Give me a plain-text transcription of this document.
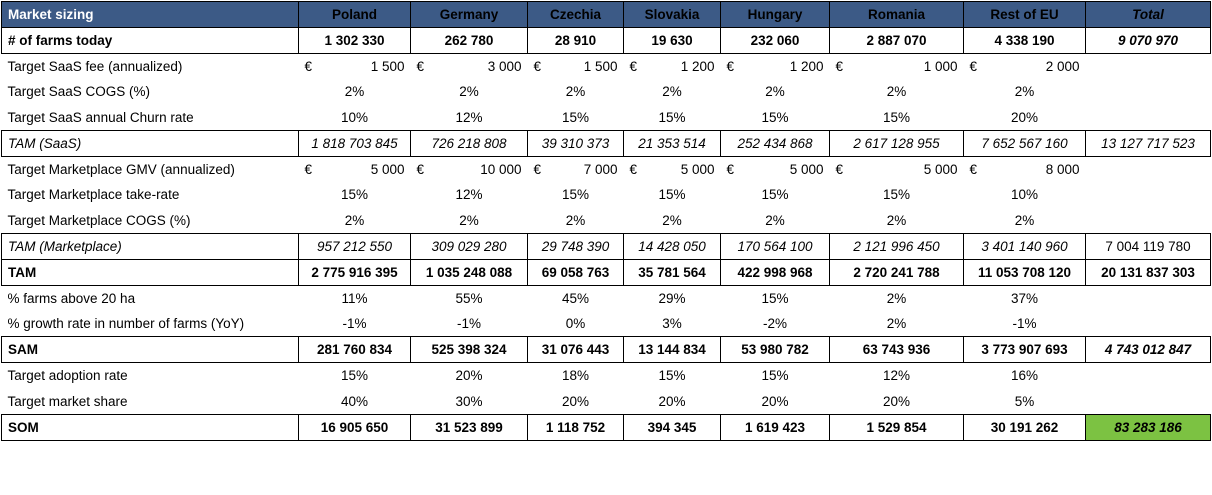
Market sizing	Poland	Germany	Czechia	Slovakia	Hungary	Romania	Rest of EU	Total
# of farms today	1 302 330	262 780	28 910	19 630	232 060	2 887 070	4 338 190	9 070 970
Target SaaS fee (annualized)	€ 1 500	€ 3 000	€ 1 500	€ 1 200	€ 1 200	€ 1 000	€ 2 000	

Target SaaS COGS (%)	2%	2%	2%	2%	2%	2%	2%	
Target SaaS annual Churn rate	10%	12%	15%	15%	15%	15%	20%	
TAM (SaaS)	1 818 703 845	726 218 808	39 310 373	21 353 514	252 434 868	2 617 128 955	7 652 567 160	13 127 717 523
Target Marketplace GMV (annualized)	€ 5 000	€ 10 000	€ 7 000	€ 5 000	€ 5 000	€ 5 000	€ 8 000	

Target Marketplace take-rate	15%	12%	15%	15%	15%	15%	10%	
Target Marketplace COGS (%)	2%	2%	2%	2%	2%	2%	2%	
TAM (Marketplace)	957 212 550	309 029 280	29 748 390	14 428 050	170 564 100	2 121 996 450	3 401 140 960	7 004 119 780
TAM	2 775 916 395	1 035 248 088	69 058 763	35 781 564	422 998 968	2 720 241 788	11 053 708 120	20 131 837 303
% farms above 20 ha	11%	55%	45%	29%	15%	2%	37%	
% growth rate in number of farms (YoY)	-1%	-1%	0%	3%	-2%	2%	-1%	
SAM	281 760 834	525 398 324	31 076 443	13 144 834	53 980 782	63 743 936	3 773 907 693	4 743 012 847
Target adoption rate	15%	20%	18%	15%	15%	12%	16%	
Target market share	40%	30%	20%	20%	20%	20%	5%	
SOM	16 905 650	31 523 899	1 118 752	394 345	1 619 423	1 529 854	30 191 262	83 283 186
